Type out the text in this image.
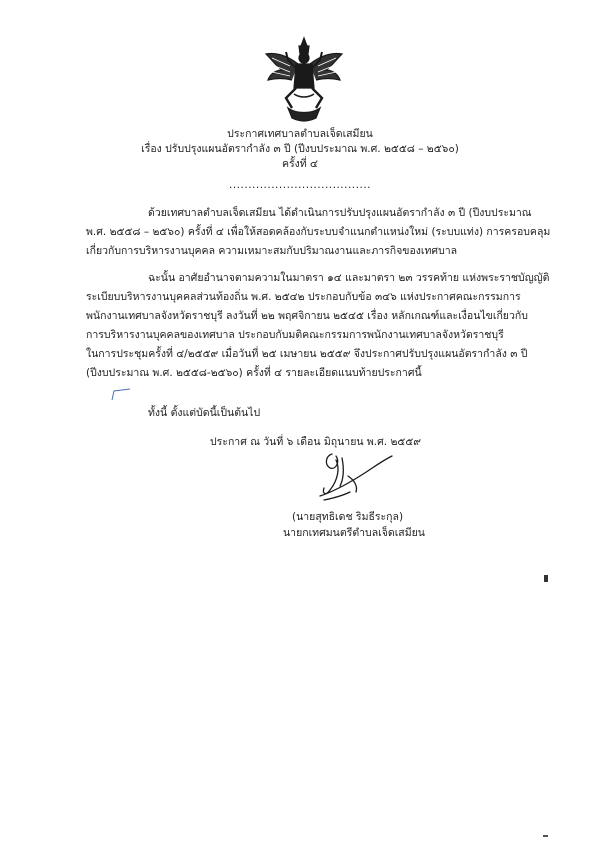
ประกาศเทศบาลตำบลเจ็ดเสมียน
เรื่อง ปรับปรุงแผนอัตรากำลัง ๓ ปี (ปีงบประมาณ พ.ศ. ๒๕๕๘ – ๒๕๖๐)
ครั้งที่ ๔
.....................................
ด้วยเทศบาลตำบลเจ็ดเสมียน ได้ดำเนินการปรับปรุงแผนอัตรากำลัง ๓ ปี (ปีงบประมาณ
พ.ศ. ๒๕๕๘ – ๒๕๖๐) ครั้งที่ ๔ เพื่อให้สอดคล้องกับระบบจำแนกตำแหน่งใหม่ (ระบบแท่ง) การครอบคลุม
เกี่ยวกับการบริหารงานบุคคล ความเหมาะสมกับปริมาณงานและภารกิจของเทศบาล
ฉะนั้น อาศัยอำนาจตามความในมาตรา ๑๔ และมาตรา ๒๓ วรรคท้าย แห่งพระราชบัญญัติ
ระเบียบบริหารงานบุคคลส่วนท้องถิ่น พ.ศ. ๒๕๔๒ ประกอบกับข้อ ๓๔๖ แห่งประกาศคณะกรรมการ
พนักงานเทศบาลจังหวัดราชบุรี ลงวันที่ ๒๒ พฤศจิกายน ๒๕๔๕ เรื่อง หลักเกณฑ์และเงื่อนไขเกี่ยวกับ
การบริหารงานบุคคลของเทศบาล ประกอบกับมติคณะกรรมการพนักงานเทศบาลจังหวัดราชบุรี
ในการประชุมครั้งที่ ๔/๒๕๕๙ เมื่อวันที่ ๒๕ เมษายน ๒๕๕๙ จึงประกาศปรับปรุงแผนอัตรากำลัง ๓ ปี
(ปีงบประมาณ พ.ศ. ๒๕๕๘-๒๕๖๐) ครั้งที่ ๔ รายละเอียดแนบท้ายประกาศนี้
ทั้งนี้ ตั้งแต่บัดนี้เป็นต้นไป
ประกาศ ณ วันที่ ๖ เดือน มิถุนายน พ.ศ. ๒๕๕๙
(นายสุทธิเดช ริมธีระกุล)
นายกเทศมนตรีตำบลเจ็ดเสมียน
